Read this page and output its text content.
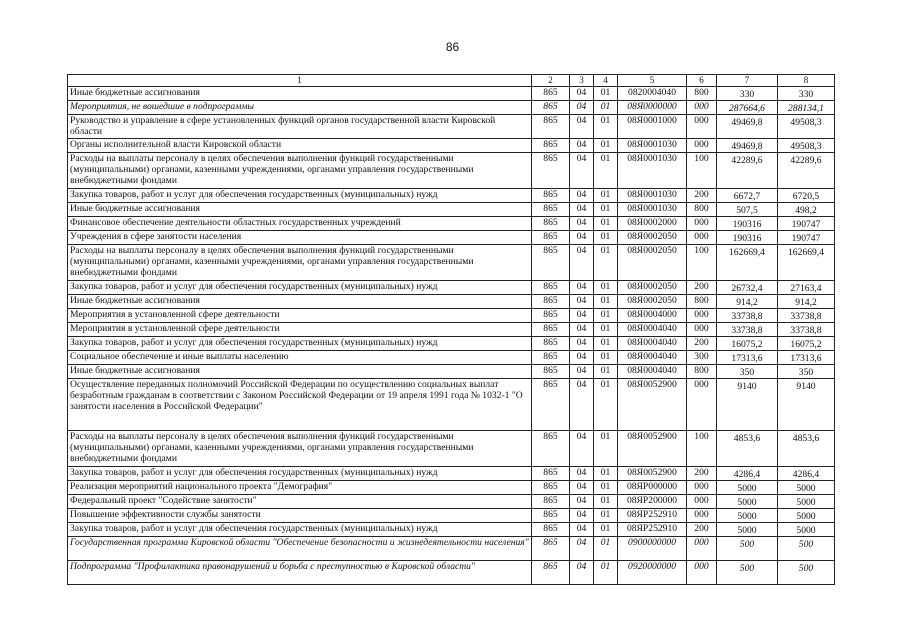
86
1	2	3	4	5	6	7	8
Иные бюджетные ассигнования	865	04	01	0820004040	800	330	330
Мероприятия, не вошедшие в подпрограммы	865	04	01	08Я0000000	000	287664,6	288134,1
Руководство и управление в сфере установленных функций органов государственной власти Кировской области	865	04	01	08Я0001000	000	49469,8	49508,3
Органы исполнительной власти Кировской области	865	04	01	08Я0001030	000	49469,8	49508,3
Расходы на выплаты персоналу в целях обеспечения выполнения функций государственными (муниципальными) органами, казенными учреждениями, органами управления государственными внебюджетными фондами	865	04	01	08Я0001030	100	42289,6	42289,6
Закупка товаров, работ и услуг для обеспечения государственных (муниципальных) нужд	865	04	01	08Я0001030	200	6672,7	6720,5
Иные бюджетные ассигнования	865	04	01	08Я0001030	800	507,5	498,2
Финансовое обеспечение деятельности областных государственных учреждений	865	04	01	08Я0002000	000	190316	190747
Учреждения в сфере занятости населения	865	04	01	08Я0002050	000	190316	190747
Расходы на выплаты персоналу в целях обеспечения выполнения функций государственными (муниципальными) органами, казенными учреждениями, органами управления государственными внебюджетными фондами	865	04	01	08Я0002050	100	162669,4	162669,4
Закупка товаров, работ и услуг для обеспечения государственных (муниципальных) нужд	865	04	01	08Я0002050	200	26732,4	27163,4
Иные бюджетные ассигнования	865	04	01	08Я0002050	800	914,2	914,2
Мероприятия в установленной сфере деятельности	865	04	01	08Я0004000	000	33738,8	33738,8
Мероприятия в установленной сфере деятельности	865	04	01	08Я0004040	000	33738,8	33738,8
Закупка товаров, работ и услуг для обеспечения государственных (муниципальных) нужд	865	04	01	08Я0004040	200	16075,2	16075,2
Социальное обеспечение и иные выплаты населению	865	04	01	08Я0004040	300	17313,6	17313,6
Иные бюджетные ассигнования	865	04	01	08Я0004040	800	350	350
Осуществление переданных полномочий Российской Федерации по осуществлению социальных выплат безработным гражданам в соответствии с Законом Российской Федерации от 19 апреля 1991 года № 1032-1 "О занятости населения в Российской Федерации"	865	04	01	08Я0052900	000	9140	9140
Расходы на выплаты персоналу в целях обеспечения выполнения функций государственными (муниципальными) органами, казенными учреждениями, органами управления государственными внебюджетными фондами	865	04	01	08Я0052900	100	4853,6	4853,6
Закупка товаров, работ и услуг для обеспечения государственных (муниципальных) нужд	865	04	01	08Я0052900	200	4286,4	4286,4
Реализация мероприятий национального проекта "Демография"	865	04	01	08ЯР000000	000	5000	5000
Федеральный проект "Содействие занятости"	865	04	01	08ЯР200000	000	5000	5000
Повышение эффективности службы занятости	865	04	01	08ЯР252910	000	5000	5000
Закупка товаров, работ и услуг для обеспечения государственных (муниципальных) нужд	865	04	01	08ЯР252910	200	5000	5000
Государственная программа Кировской области "Обеспечение безопасности и жизнедеятельности населения"	865	04	01	0900000000	000	500	500
Подпрограмма "Профилактика правонарушений и борьба с преступностью в Кировской области"	865	04	01	0920000000	000	500	500
